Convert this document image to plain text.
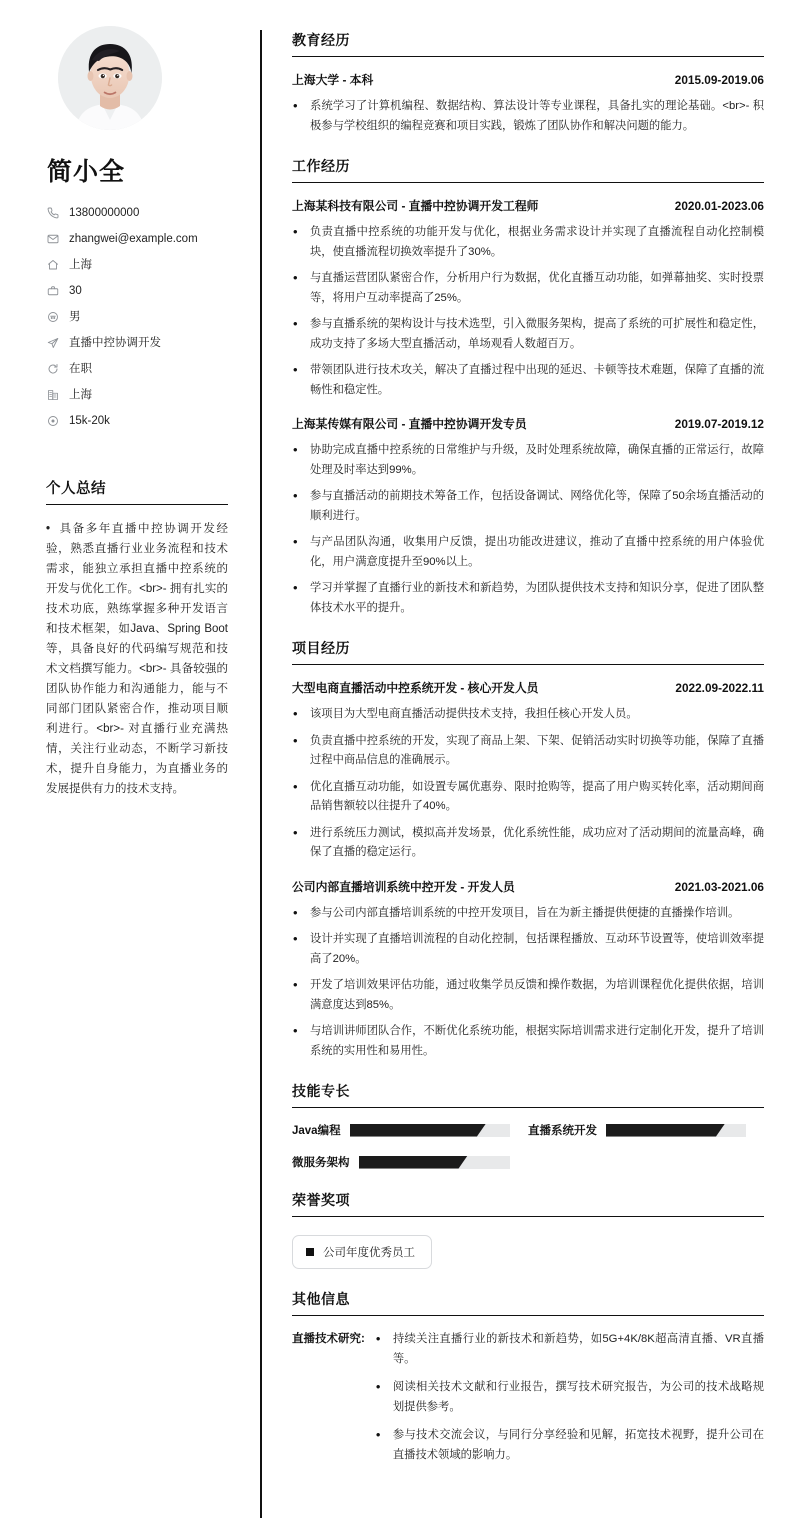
简小全
13800000000
zhangwei@example.com
上海
30
男
直播中控协调开发
在职
上海
15k-20k
个人总结
• 具备多年直播中控协调开发经验，熟悉直播行业业务流程和技术需求，能独立承担直播中控系统的开发与优化工作。<br>- 拥有扎实的技术功底，熟练掌握多种开发语言和技术框架，如Java、Spring Boot等，具备良好的代码编写规范和技术文档撰写能力。<br>- 具备较强的团队协作能力和沟通能力，能与不同部门团队紧密合作，推动项目顺利进行。<br>- 对直播行业充满热情，关注行业动态，不断学习新技术，提升自身能力，为直播业务的发展提供有力的技术支持。
教育经历
上海大学 - 本科	2015.09-2019.06
• 系统学习了计算机编程、数据结构、算法设计等专业课程，具备扎实的理论基础。<br>- 积极参与学校组织的编程竞赛和项目实践，锻炼了团队协作和解决问题的能力。
工作经历
上海某科技有限公司 - 直播中控协调开发工程师	2020.01-2023.06
• 负责直播中控系统的功能开发与优化，根据业务需求设计并实现了直播流程自动化控制模块，使直播流程切换效率提升了30%。
• 与直播运营团队紧密合作，分析用户行为数据，优化直播互动功能，如弹幕抽奖、实时投票等，将用户互动率提高了25%。
• 参与直播系统的架构设计与技术选型，引入微服务架构，提高了系统的可扩展性和稳定性，成功支持了多场大型直播活动，单场观看人数超百万。
• 带领团队进行技术攻关，解决了直播过程中出现的延迟、卡顿等技术难题，保障了直播的流畅性和稳定性。
上海某传媒有限公司 - 直播中控协调开发专员	2019.07-2019.12
• 协助完成直播中控系统的日常维护与升级，及时处理系统故障，确保直播的正常运行，故障处理及时率达到99%。
• 参与直播活动的前期技术筹备工作，包括设备调试、网络优化等，保障了50余场直播活动的顺利进行。
• 与产品团队沟通，收集用户反馈，提出功能改进建议，推动了直播中控系统的用户体验优化，用户满意度提升至90%以上。
• 学习并掌握了直播行业的新技术和新趋势，为团队提供技术支持和知识分享，促进了团队整体技术水平的提升。
项目经历
大型电商直播活动中控系统开发 - 核心开发人员	2022.09-2022.11
• 该项目为大型电商直播活动提供技术支持，我担任核心开发人员。
• 负责直播中控系统的开发，实现了商品上架、下架、促销活动实时切换等功能，保障了直播过程中商品信息的准确展示。
• 优化直播互动功能，如设置专属优惠券、限时抢购等，提高了用户购买转化率，活动期间商品销售额较以往提升了40%。
• 进行系统压力测试，模拟高并发场景，优化系统性能，成功应对了活动期间的流量高峰，确保了直播的稳定运行。
公司内部直播培训系统中控开发 - 开发人员	2021.03-2021.06
• 参与公司内部直播培训系统的中控开发项目，旨在为新主播提供便捷的直播操作培训。
• 设计并实现了直播培训流程的自动化控制，包括课程播放、互动环节设置等，使培训效率提高了20%。
• 开发了培训效果评估功能，通过收集学员反馈和操作数据，为培训课程优化提供依据，培训满意度达到85%。
• 与培训讲师团队合作，不断优化系统功能，根据实际培训需求进行定制化开发，提升了培训系统的实用性和易用性。
技能专长
Java编程	直播系统开发
微服务架构
荣誉奖项
公司年度优秀员工
其他信息
直播技术研究:	• 持续关注直播行业的新技术和新趋势，如5G+4K/8K超高清直播、VR直播等。
• 阅读相关技术文献和行业报告，撰写技术研究报告，为公司的技术战略规划提供参考。
• 参与技术交流会议，与同行分享经验和见解，拓宽技术视野，提升公司在直播技术领域的影响力。
